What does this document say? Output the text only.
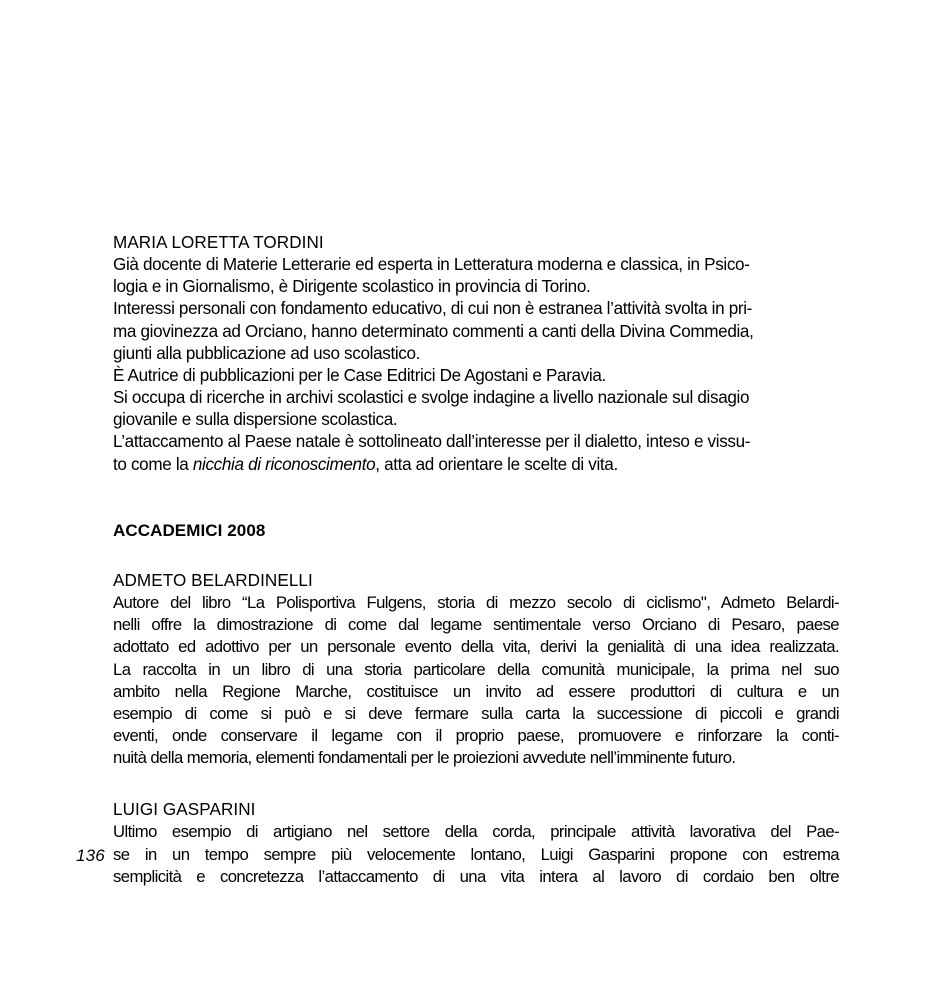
MARIA LORETTA TORDINI
Già docente di Materie Letterarie ed esperta in Letteratura moderna e classica, in Psico-
logia e in Giornalismo, è Dirigente scolastico in provincia di Torino.
Interessi personali con fondamento educativo, di cui non è estranea l’attività svolta in pri-
ma giovinezza ad Orciano, hanno determinato commenti a canti della Divina Commedia,
giunti alla pubblicazione ad uso scolastico.
È Autrice di pubblicazioni per le Case Editrici De Agostani e Paravia.
Si occupa di ricerche in archivi scolastici e svolge indagine a livello nazionale sul disagio
giovanile e sulla dispersione scolastica.
L’attaccamento al Paese natale è sottolineato dall’interesse per il dialetto, inteso e vissu-
to come la nicchia di riconoscimento, atta ad orientare le scelte di vita.
ACCADEMICI 2008
ADMETO BELARDINELLI
Autore del libro “La Polisportiva Fulgens, storia di mezzo secolo di ciclismo", Admeto Belardi-
nelli offre la dimostrazione di come dal legame sentimentale verso Orciano di Pesaro, paese
adottato ed adottivo per un personale evento della vita, derivi la genialità di una idea realizzata.
La raccolta in un libro di una storia particolare della comunità municipale, la prima nel suo
ambito nella Regione Marche, costituisce un invito ad essere produttori di cultura e un
esempio di come si può e si deve fermare sulla carta la successione di piccoli e grandi
eventi, onde conservare il legame con il proprio paese, promuovere e rinforzare la conti-
nuità della memoria, elementi fondamentali per le proiezioni avvedute nell’imminente futuro.
LUIGI GASPARINI
Ultimo esempio di artigiano nel settore della corda, principale attività lavorativa del Pae-
se in un tempo sempre più velocemente lontano, Luigi Gasparini propone con estrema
semplicità e concretezza l’attaccamento di una vita intera al lavoro di cordaio ben oltre
136
